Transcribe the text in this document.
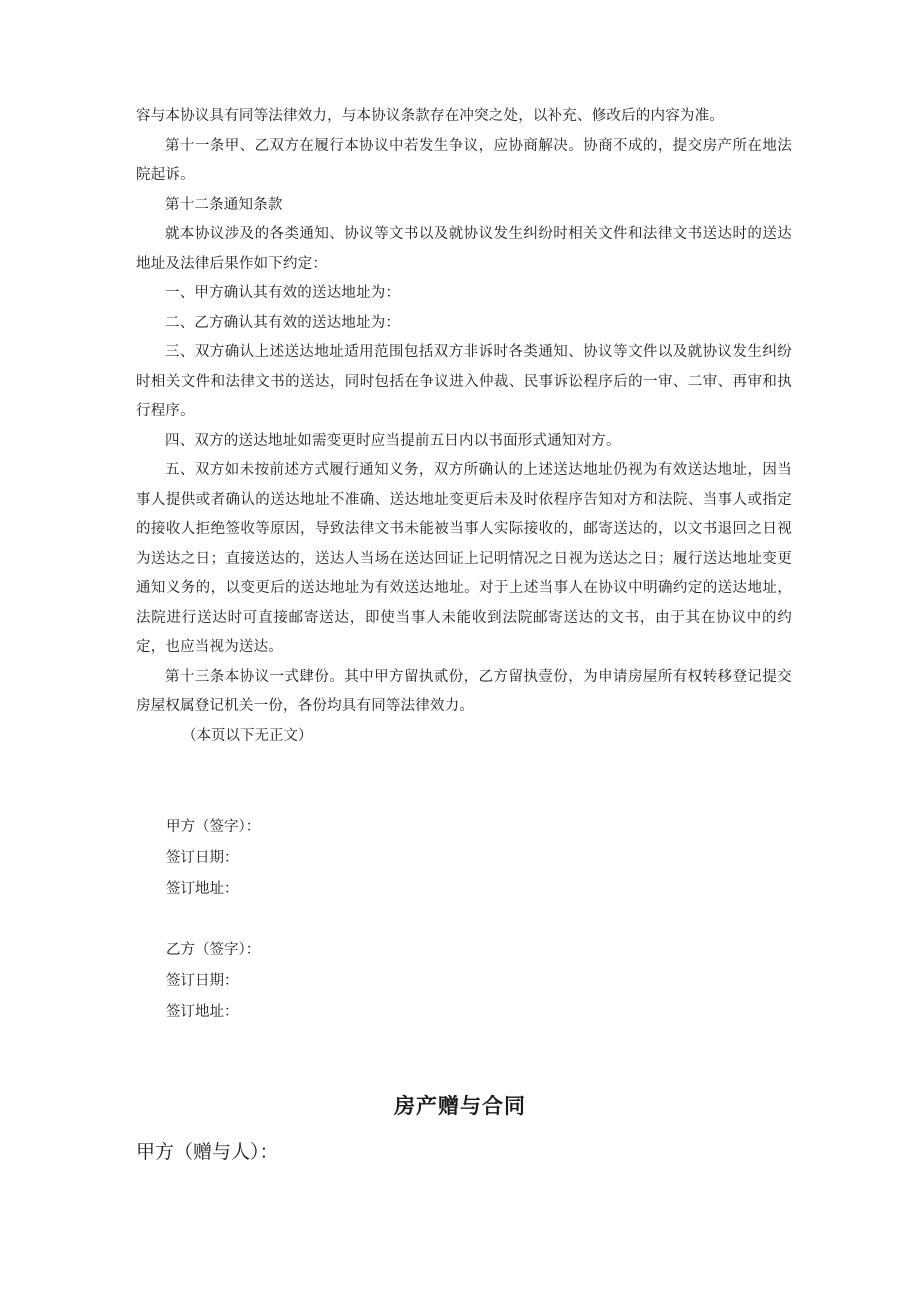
容与本协议具有同等法律效力，与本协议条款存在冲突之处，以补充、修改后的内容为准。

第十一条甲、乙双方在履行本协议中若发生争议，应协商解决。协商不成的，提交房产所在地法院起诉。

第十二条通知条款

就本协议涉及的各类通知、协议等文书以及就协议发生纠纷时相关文件和法律文书送达时的送达地址及法律后果作如下约定：

一、甲方确认其有效的送达地址为：

二、乙方确认其有效的送达地址为：

三、双方确认上述送达地址适用范围包括双方非诉时各类通知、协议等文件以及就协议发生纠纷时相关文件和法律文书的送达，同时包括在争议进入仲裁、民事诉讼程序后的一审、二审、再审和执行程序。

四、双方的送达地址如需变更时应当提前五日内以书面形式通知对方。

五、双方如未按前述方式履行通知义务，双方所确认的上述送达地址仍视为有效送达地址，因当事人提供或者确认的送达地址不准确、送达地址变更后未及时依程序告知对方和法院、当事人或指定的接收人拒绝签收等原因，导致法律文书未能被当事人实际接收的，邮寄送达的，以文书退回之日视为送达之日；直接送达的，送达人当场在送达回证上记明情况之日视为送达之日；履行送达地址变更通知义务的，以变更后的送达地址为有效送达地址。对于上述当事人在协议中明确约定的送达地址，法院进行送达时可直接邮寄送达，即使当事人未能收到法院邮寄送达的文书，由于其在协议中的约定，也应当视为送达。

第十三条本协议一式肆份。其中甲方留执贰份，乙方留执壹份，为申请房屋所有权转移登记提交房屋权属登记机关一份，各份均具有同等法律效力。

（本页以下无正文）

甲方（签字）：

签订日期：

签订地址：

乙方（签字）：

签订日期：

签订地址：

房产赠与合同

甲方（赠与人）：
